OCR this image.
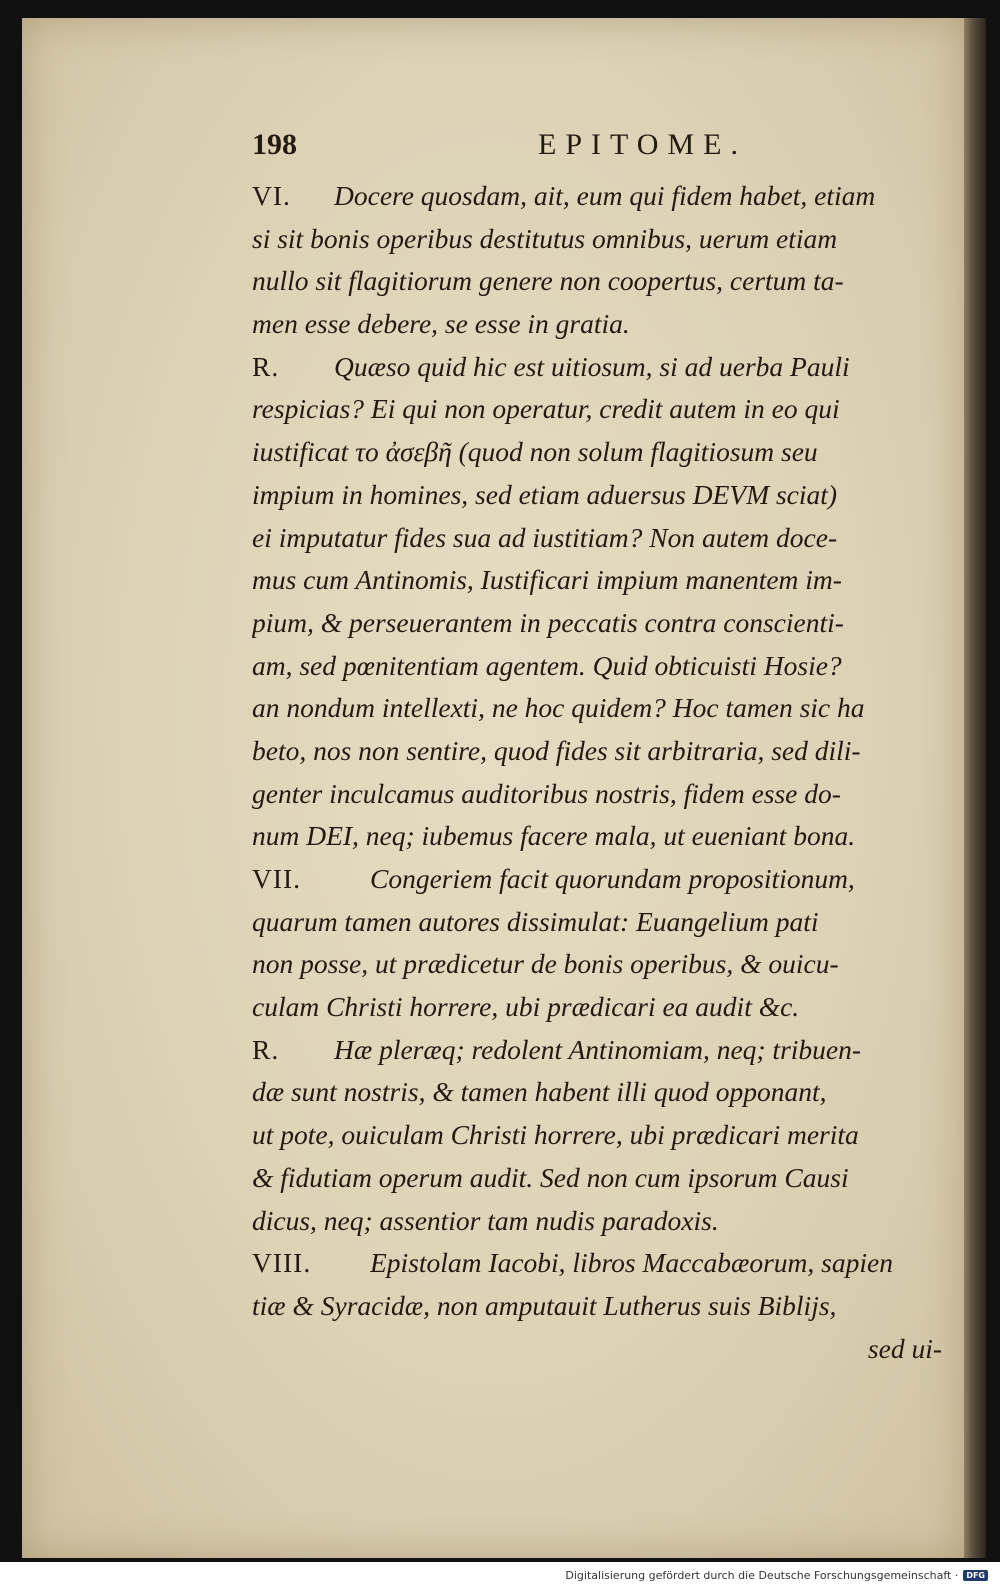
198	EPITOME.
VI.	Docere quosdam, ait, eum qui fidem habet, etiam
si sit bonis operibus destitutus omnibus, uerum etiam
nullo sit flagitiorum genere non coopertus, certum ta-
men esse debere, se esse in gratia.
R.	Quæso quid hic est uitiosum, si ad uerba Pauli
respicias? Ei qui non operatur, credit autem in eo qui
iustificat το ἀσεβῆ (quod non solum flagitiosum seu
impium in homines, sed etiam aduersus DEVM sciat)
ei imputatur fides sua ad iustitiam? Non autem doce-
mus cum Antinomis, Iustificari impium manentem im-
pium, & perseuerantem in peccatis contra conscienti-
am, sed pœnitentiam agentem. Quid obticuisti Hosie?
an nondum intellexti, ne hoc quidem? Hoc tamen sic ha
beto, nos non sentire, quod fides sit arbitraria, sed dili-
genter inculcamus auditoribus nostris, fidem esse do-
num DEI, neq; iubemus facere mala, ut eueniant bona.
VII.	Congeriem facit quorundam propositionum,
quarum tamen autores dissimulat: Euangelium pati
non posse, ut prædicetur de bonis operibus, & ouicu-
culam Christi horrere, ubi prædicari ea audit &c.
R.	Hæ pleræq; redolent Antinomiam, neq; tribuen-
dæ sunt nostris, & tamen habent illi quod opponant,
ut pote, ouiculam Christi horrere, ubi prædicari merita
& fidutiam operum audit. Sed non cum ipsorum Causi
dicus, neq; assentior tam nudis paradoxis.
VIII.	Epistolam Iacobi, libros Maccabæorum, sapien
tiæ & Syracidæ, non amputauit Lutherus suis Biblijs,
sed ui-
Digitalisierung gefördert durch die Deutsche Forschungsgemeinschaft ·	DFG
